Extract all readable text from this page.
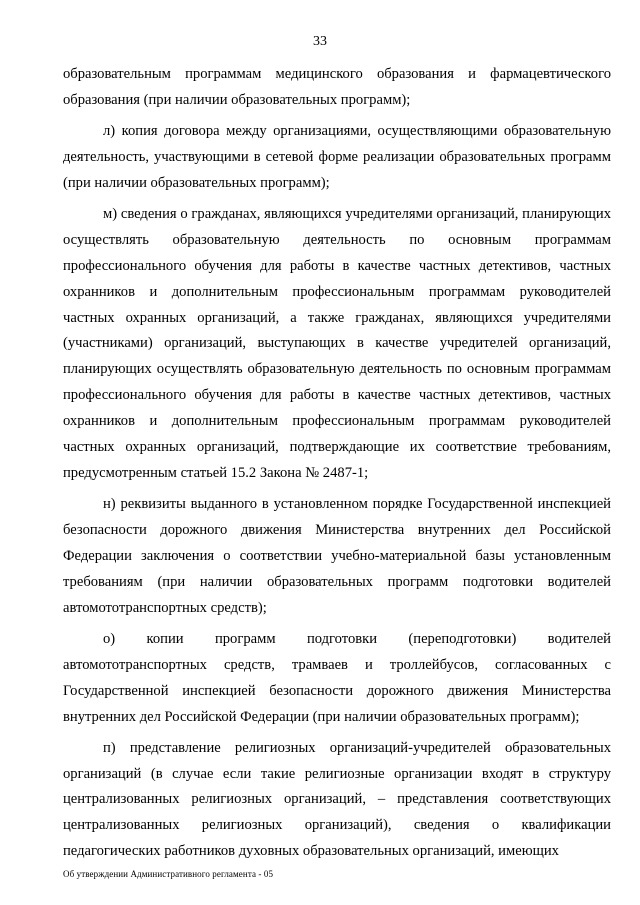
33

образовательным программам медицинского образования и фармацевтического образования (при наличии образовательных программ);

л) копия договора между организациями, осуществляющими образовательную деятельность, участвующими в сетевой форме реализации образовательных программ (при наличии образовательных программ);

м) сведения о гражданах, являющихся учредителями организаций, планирующих осуществлять образовательную деятельность по основным программам профессионального обучения для работы в качестве частных детективов, частных охранников и дополнительным профессиональным программам руководителей частных охранных организаций, а также гражданах, являющихся учредителями (участниками) организаций, выступающих в качестве учредителей организаций, планирующих осуществлять образовательную деятельность по основным программам профессионального обучения для работы в качестве частных детективов, частных охранников и дополнительным профессиональным программам руководителей частных охранных организаций, подтверждающие их соответствие требованиям, предусмотренным статьей 15.2 Закона № 2487-1;

н) реквизиты выданного в установленном порядке Государственной инспекцией безопасности дорожного движения Министерства внутренних дел Российской Федерации заключения о соответствии учебно-материальной базы установленным требованиям (при наличии образовательных программ подготовки водителей автомототранспортных средств);

о) копии программ подготовки (переподготовки) водителей автомототранспортных средств, трамваев и троллейбусов, согласованных с Государственной инспекцией безопасности дорожного движения Министерства внутренних дел Российской Федерации (при наличии образовательных программ);

п) представление религиозных организаций-учредителей образовательных организаций (в случае если такие религиозные организации входят в структуру централизованных религиозных организаций, – представления соответствующих централизованных религиозных организаций), сведения о квалификации педагогических работников духовных образовательных организаций, имеющих

Об утверждении Административного регламента - 05
